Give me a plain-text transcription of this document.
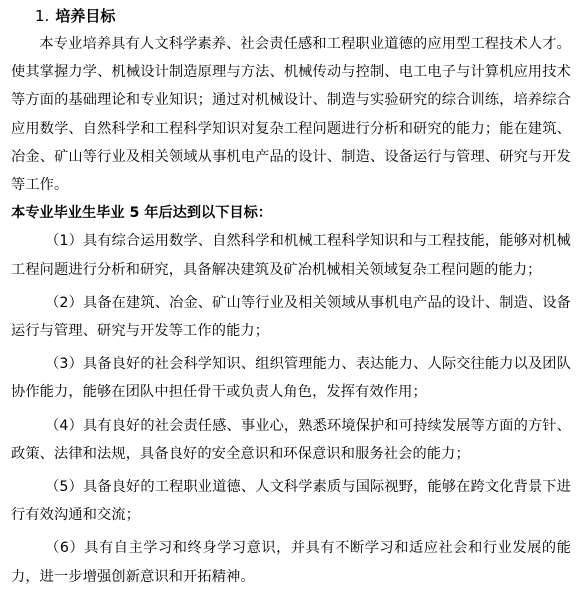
1. 培养目标

本专业培养具有人文科学素养、社会责任感和工程职业道德的应用型工程技术人才。使其掌握力学、机械设计制造原理与方法、机械传动与控制、电工电子与计算机应用技术等方面的基础理论和专业知识；通过对机械设计、制造与实验研究的综合训练，培养综合应用数学、自然科学和工程科学知识对复杂工程问题进行分析和研究的能力；能在建筑、冶金、矿山等行业及相关领域从事机电产品的设计、制造、设备运行与管理、研究与开发等工作。

本专业毕业生毕业 5 年后达到以下目标：

（1）具有综合运用数学、自然科学和机械工程科学知识和与工程技能，能够对机械工程问题进行分析和研究，具备解决建筑及矿冶机械相关领域复杂工程问题的能力；

（2）具备在建筑、冶金、矿山等行业及相关领域从事机电产品的设计、制造、设备运行与管理、研究与开发等工作的能力；

（3）具备良好的社会科学知识、组织管理能力、表达能力、人际交往能力以及团队协作能力，能够在团队中担任骨干或负责人角色，发挥有效作用；

（4）具有良好的社会责任感、事业心，熟悉环境保护和可持续发展等方面的方针、政策、法律和法规，具备良好的安全意识和环保意识和服务社会的能力；

（5）具备良好的工程职业道德、人文科学素质与国际视野，能够在跨文化背景下进行有效沟通和交流；

（6）具有自主学习和终身学习意识，并具有不断学习和适应社会和行业发展的能力，进一步增强创新意识和开拓精神。
